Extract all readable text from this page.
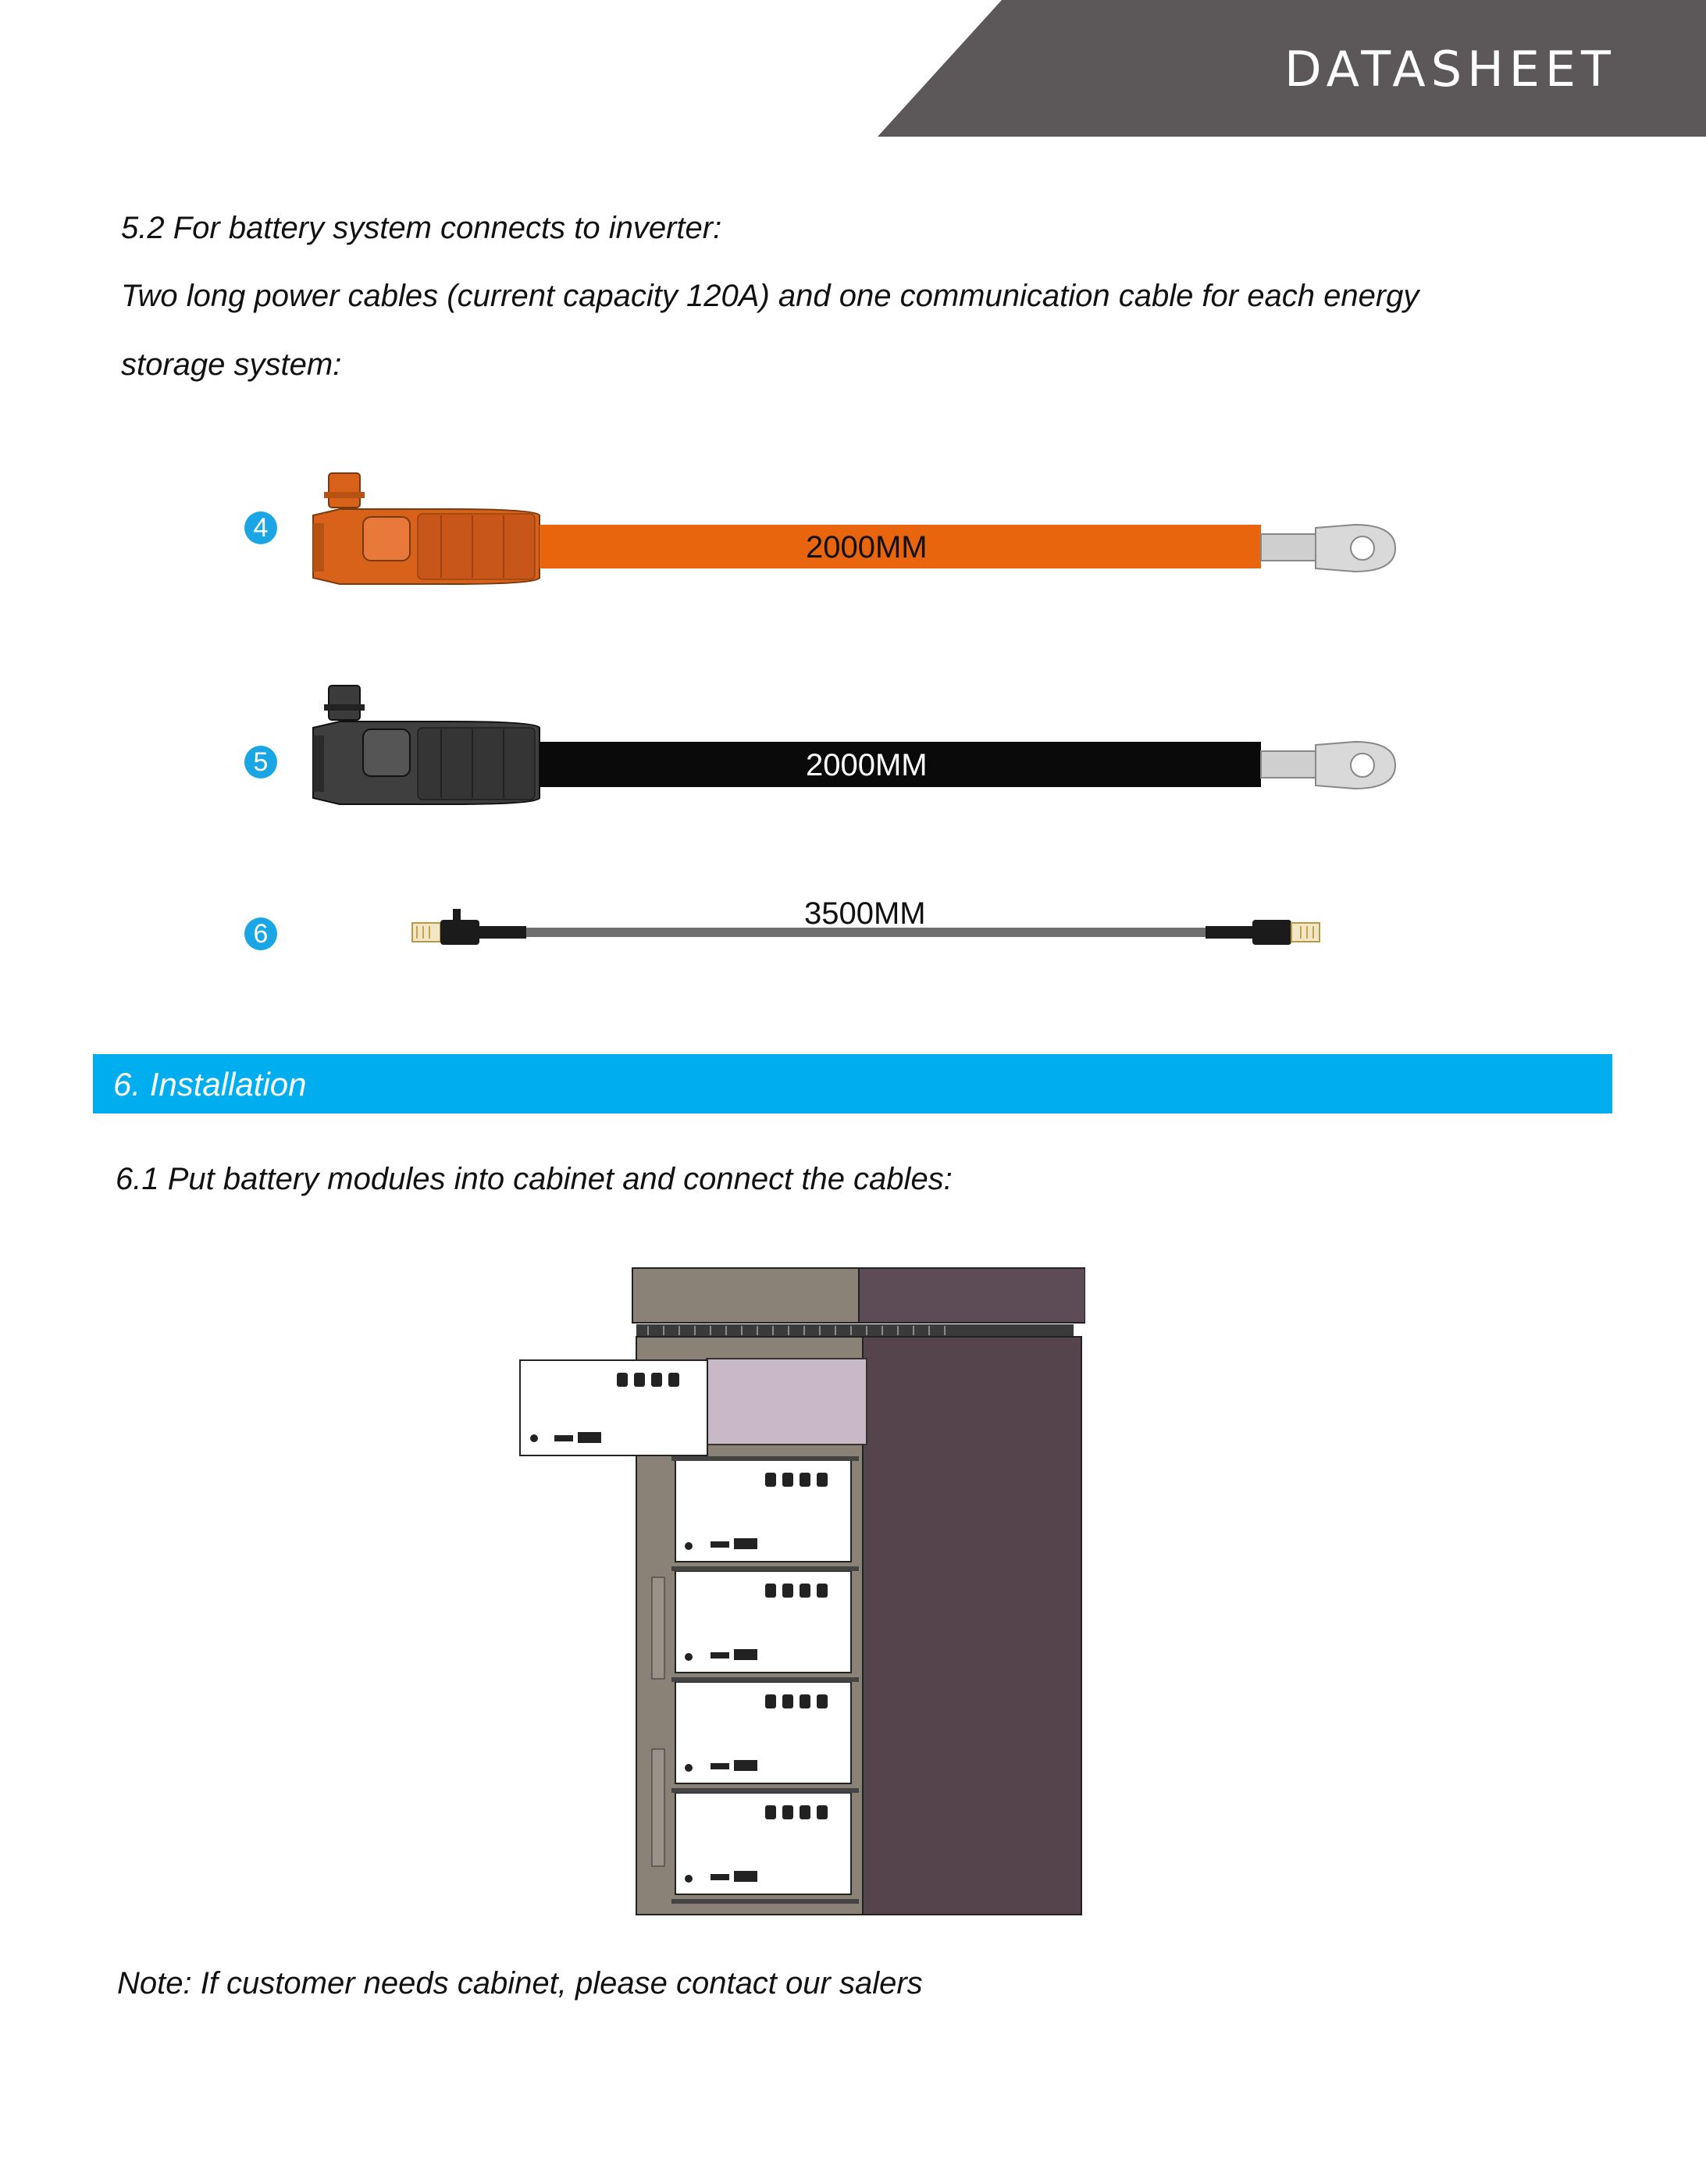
DATASHEET
5.2 For battery system connects to inverter:
Two long power cables (current capacity 120A) and one communication cable for each energy
storage system:
4
2000MM
5	2000MM
6
3500MM
6. Installation
6.1 Put battery modules into cabinet and connect the cables:
Note: If customer needs cabinet, please contact our salers
